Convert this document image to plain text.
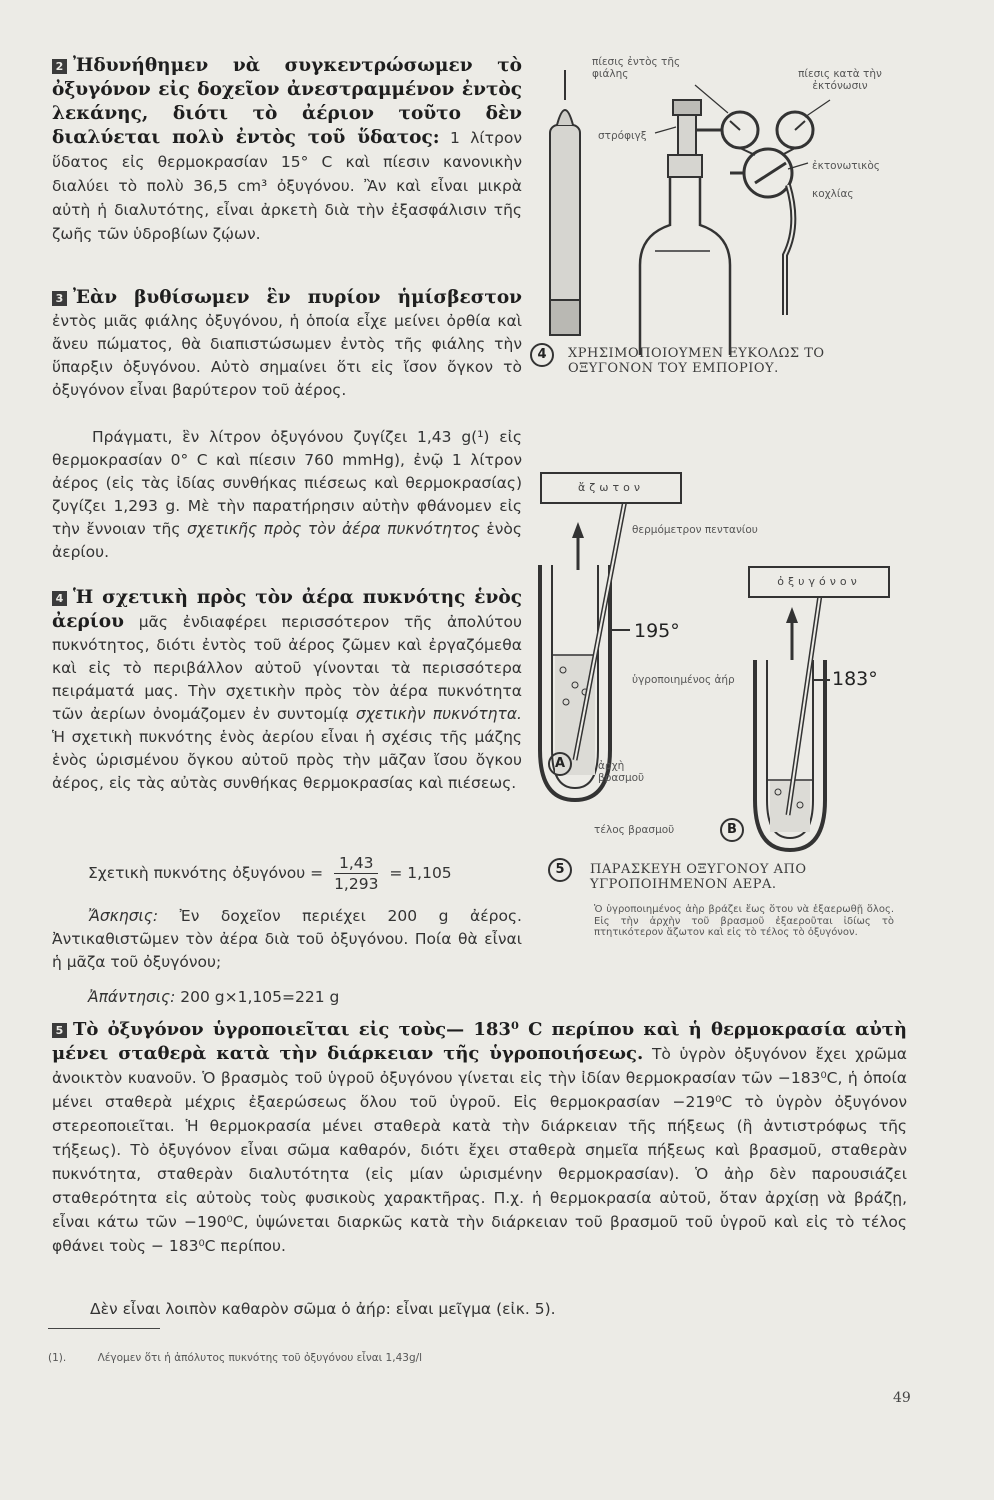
2 Ἠδυνήθημεν νὰ συγκεντρώσωμεν τὸ ὀξυγόνον εἰς δοχεῖον ἀνεστραμμένον ἐντὸς λεκάνης, διότι τὸ ἀέριον τοῦτο δὲν διαλύεται πολὺ ἐντὸς τοῦ ὕδατος: 1 λίτρον ὕδατος εἰς θερμοκρασίαν 15° C καὶ πίεσιν κανονικὴν διαλύει τὸ πολὺ 36,5 cm³ ὀξυγόνου. Ἂν καὶ εἶναι μικρὰ αὐτὴ ἡ διαλυτότης, εἶναι ἀρκετὴ διὰ τὴν ἐξασφάλισιν τῆς ζωῆς τῶν ὑδροβίων ζῴων.

3 Ἐὰν βυθίσωμεν ἓν πυρίον ἡμίσβεστον ἐντὸς μιᾶς φιάλης ὀξυγόνου, ἡ ὁποία εἶχε μείνει ὀρθία καὶ ἄνευ πώματος, θὰ διαπιστώσωμεν ἐντὸς τῆς φιάλης τὴν ὕπαρξιν ὀξυγόνου. Αὐτὸ σημαίνει ὅτι εἰς ἴσον ὄγκον τὸ ὀξυγόνον εἶναι βαρύτερον τοῦ ἀέρος.

Πράγματι, ἓν λίτρον ὀξυγόνου ζυγίζει 1,43 g(¹) εἰς θερμοκρασίαν 0° C καὶ πίεσιν 760 mmHg), ἐνῷ 1 λίτρον ἀέρος (εἰς τὰς ἰδίας συνθήκας πιέσεως καὶ θερμοκρασίας) ζυγίζει 1,293 g. Μὲ τὴν παρατήρησιν αὐτὴν φθάνομεν εἰς τὴν ἔννοιαν τῆς σχετικῆς πρὸς τὸν ἀέρα πυκνότητος ἑνὸς ἀερίου.

4 Ἡ σχετικὴ πρὸς τὸν ἀέρα πυκνότης ἑνὸς ἀερίου μᾶς ἐνδιαφέρει περισσότερον τῆς ἀπολύτου πυκνότητος, διότι ἐντὸς τοῦ ἀέρος ζῶμεν καὶ ἐργαζόμεθα καὶ εἰς τὸ περιβάλλον αὐτοῦ γίνονται τὰ περισσότερα πειράματά μας. Τὴν σχετικὴν πρὸς τὸν ἀέρα πυκνότητα τῶν ἀερίων ὀνομάζομεν ἐν συντομίᾳ σχετικὴν πυκνότητα. Ἡ σχετικὴ πυκνότης ἑνὸς ἀερίου εἶναι ἡ σχέσις τῆς μάζης ἑνὸς ὡρισμένου ὄγκου αὐτοῦ πρὸς τὴν μᾶζαν ἴσου ὄγκου ἀέρος, εἰς τὰς αὐτὰς συνθήκας θερμοκρασίας καὶ πιέσεως.

Σχετικὴ πυκνότης ὀξυγόνου = $\frac{1,43}{1,293} = 1,105$

Ἄσκησις: Ἐν δοχεῖον περιέχει 200 g ἀέρος. Ἀντικαθιστῶμεν τὸν ἀέρα διὰ τοῦ ὀξυγόνου. Ποία θὰ εἶναι ἡ μᾶζα τοῦ ὀξυγόνου;

Ἀπάντησις: 200 g×1,105=221 g

πίεσις ἐντὸς τῆς φιάλης	πίεσις κατὰ τὴν ἐκτόνωσιν
στρόφιγξ
ἐκτονωτικὸς κοχλίας
4	ΧΡΗΣΙΜΟΠΟΙΟΥΜΕΝ ΕΥΚΟΛΩΣ ΤΟ ΟΞΥΓΟΝΟΝ ΤΟΥ ΕΜΠΟΡΙΟΥ.
ἄζωτον
ὀξυγόνον
θερμόμετρον πεντανίου
195°
183°
ὑγροποιημένος ἀήρ
ἀρχὴ βρασμοῦ
τέλος βρασμοῦ
A
B
5	ΠΑΡΑΣΚΕΥΗ ΟΞΥΓΟΝΟΥ ΑΠΟ ΥΓΡΟΠΟΙΗΜΕΝΟΝ ΑΕΡΑ.
Ὁ ὑγροποιημένος ἀὴρ βράζει ἕως ὅτου νὰ ἐξαερωθῇ ὅλος. Εἰς τὴν ἀρχὴν τοῦ βρασμοῦ ἐξαεροῦται ἰδίως τὸ πτητικότερον ἄζωτον καὶ εἰς τὸ τέλος τὸ ὀξυγόνον.

5 Τὸ ὀξυγόνον ὑγροποιεῖται εἰς τοὺς— 183⁰ C περίπου καὶ ἡ θερμοκρασία αὐτὴ μένει σταθερὰ κατὰ τὴν διάρκειαν τῆς ὑγροποιήσεως. Τὸ ὑγρὸν ὀξυγόνον ἔχει χρῶμα ἀνοικτὸν κυανοῦν. Ὁ βρασμὸς τοῦ ὑγροῦ ὀξυγόνου γίνεται εἰς τὴν ἰδίαν θερμοκρασίαν τῶν −183⁰C, ἡ ὁποία μένει σταθερὰ μέχρις ἐξαερώσεως ὅλου τοῦ ὑγροῦ. Εἰς θερμοκρασίαν −219⁰C τὸ ὑγρὸν ὀξυγόνον στερεοποιεῖται. Ἡ θερμοκρασία μένει σταθερὰ κατὰ τὴν διάρκειαν τῆς πήξεως (ἢ ἀντιστρόφως τῆς τήξεως). Τὸ ὀξυγόνον εἶναι σῶμα καθαρόν, διότι ἔχει σταθερὰ σημεῖα πήξεως καὶ βρασμοῦ, σταθερὰν πυκνότητα, σταθερὰν διαλυτότητα (εἰς μίαν ὡρισμένην θερμοκρασίαν). Ὁ ἀὴρ δὲν παρουσιάζει σταθερότητα εἰς αὐτοὺς τοὺς φυσικοὺς χαρακτῆρας. Π.χ. ἡ θερμοκρασία αὐτοῦ, ὅταν ἀρχίσῃ νὰ βράζῃ, εἶναι κάτω τῶν −190⁰C, ὑψώνεται διαρκῶς κατὰ τὴν διάρκειαν τοῦ βρασμοῦ τοῦ ὑγροῦ καὶ εἰς τὸ τέλος φθάνει τοὺς − 183⁰C περίπου.

Δὲν εἶναι λοιπὸν καθαρὸν σῶμα ὁ ἀήρ: εἶναι μεῖγμα (εἰκ. 5).

(1).	Λέγομεν ὅτι ἡ ἀπόλυτος πυκνότης τοῦ ὀξυγόνου εἶναι 1,43g/l
49
